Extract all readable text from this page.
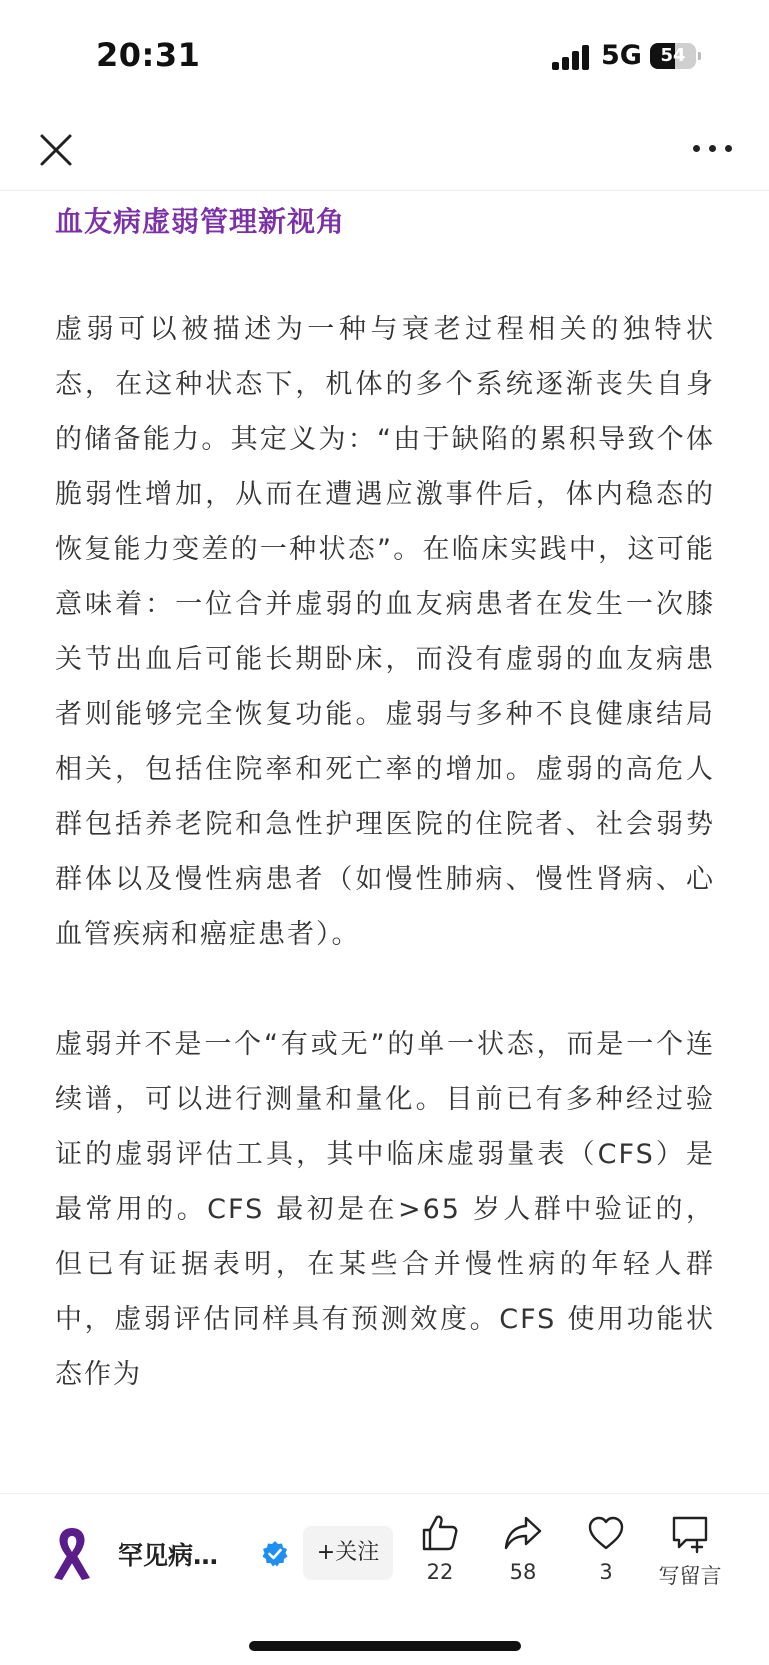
20:31	5G	54
血友病虚弱管理新视角

虚弱可以被描述为一种与衰老过程相关的独特状态，在这种状态下，机体的多个系统逐渐丧失自身的储备能力。其定义为：“由于缺陷的累积导致个体脆弱性增加，从而在遭遇应激事件后，体内稳态的恢复能力变差的一种状态”。在临床实践中，这可能意味着：一位合并虚弱的血友病患者在发生一次膝关节出血后可能长期卧床，而没有虚弱的血友病患者则能够完全恢复功能。虚弱与多种不良健康结局相关，包括住院率和死亡率的增加。虚弱的高危人群包括养老院和急性护理医院的住院者、社会弱势群体以及慢性病患者（如慢性肺病、慢性肾病、心血管疾病和癌症患者）。

虚弱并不是一个“有或无”的单一状态，而是一个连续谱，可以进行测量和量化。目前已有多种经过验证的虚弱评估工具，其中临床虚弱量表（CFS）是最常用的。CFS 最初是在>65 岁人群中验证的，但已有证据表明，在某些合并慢性病的年轻人群中，虚弱评估同样具有预测效度。CFS 使用功能状态作为

罕见病…	+关注
22	58	3	写留言
